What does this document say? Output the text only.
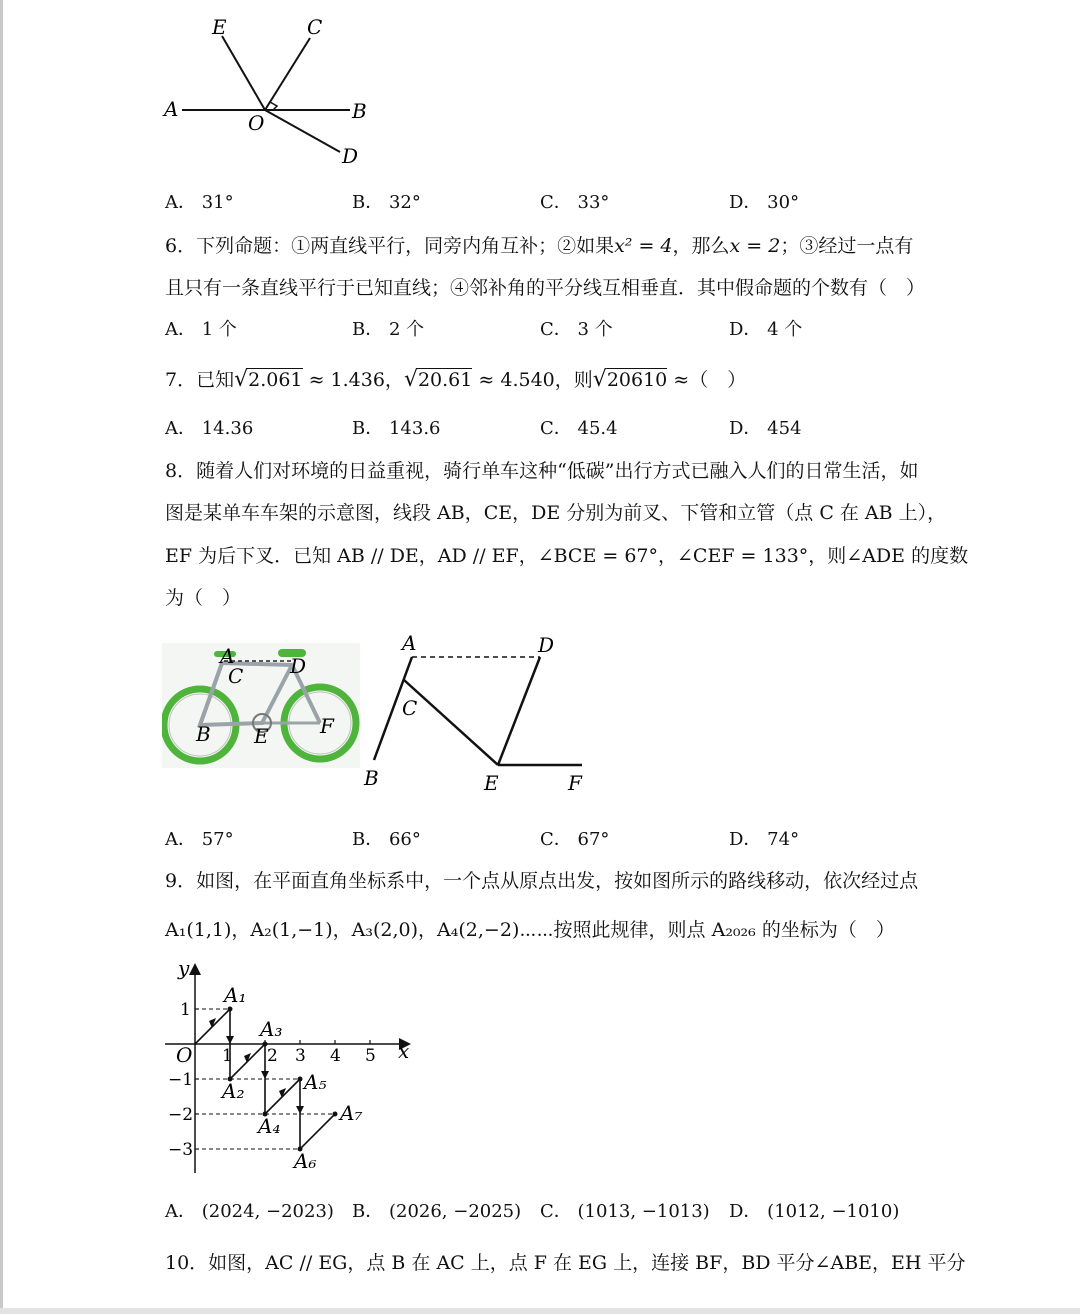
E	C
A
O	B
D
A． 31°	B． 32°	C． 33°	D． 30°
6．下列命题：①两直线平行，同旁内角互补；②如果x² = 4，那么x = 2；③经过一点有
且只有一条直线平行于已知直线；④邻补角的平分线互相垂直．其中假命题的个数有（　）
A． 1 个	B． 2 个	C． 3 个	D． 4 个
7．已知√2.061 ≈ 1.436，√20.61 ≈ 4.540，则√20610 ≈（　）
A． 14.36	B． 143.6	C． 45.4	D． 454
8．随着人们对环境的日益重视，骑行单车这种“低碳”出行方式已融入人们的日常生活，如
图是某单车车架的示意图，线段 AB，CE，DE 分别为前叉、下管和立管（点 C 在 AB 上），
EF 为后下叉．已知 AB // DE，AD // EF，∠BCE = 67°，∠CEF = 133°，则∠ADE 的度数
为（　）
A
C D
B E	F
A	D
C
B	E	F
A． 57°	B． 66°	C． 67°	D． 74°
9．如图，在平面直角坐标系中，一个点从原点出发，按如图所示的路线移动，依次经过点
A₁(1,1)，A₂(1,−1)，A₃(2,0)，A₄(2,−2)⋯⋯按照此规律，则点 A₂₀₂₆ 的坐标为（　）
y
x
O 1 2 3 4 5
1
−1
−2
−3
A₁
A₂
A₃
A₄
A₅
A₆
A₇
A． (2024, −2023) B． (2026, −2025) C． (1013, −1013) D． (1012, −1010)
10．如图，AC // EG，点 B 在 AC 上，点 F 在 EG 上，连接 BF，BD 平分∠ABE，EH 平分
